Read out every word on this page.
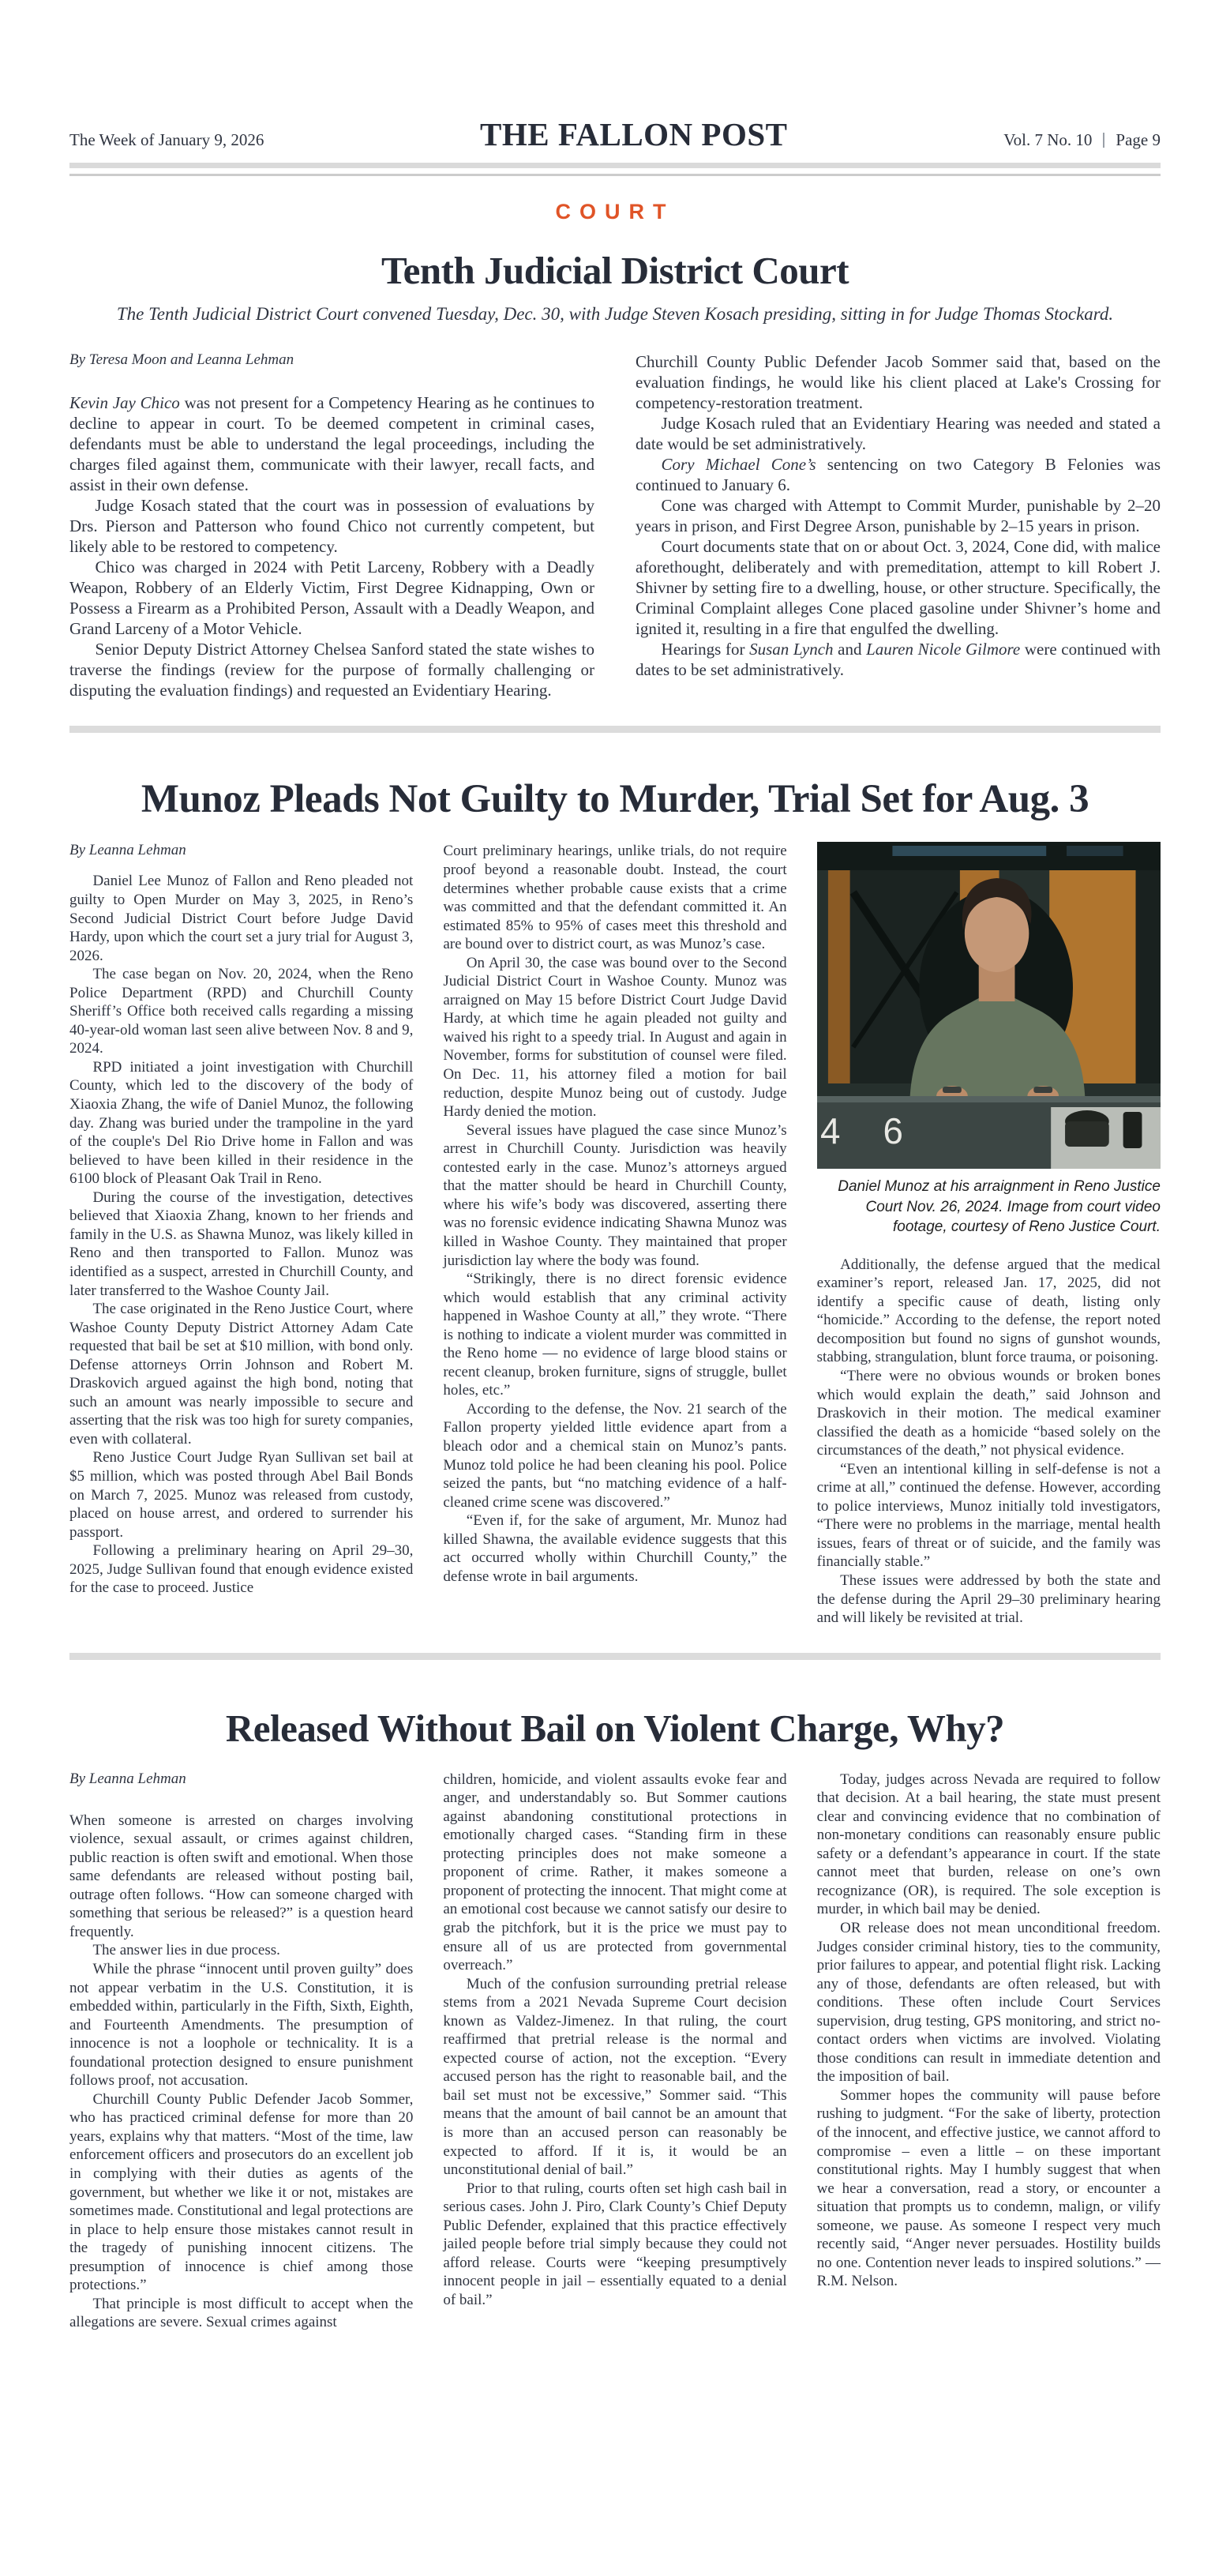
The Week of January 9, 2026	THE FALLON POST	Vol. 7 No. 10 Page 9
COURT
Tenth Judicial District Court

The Tenth Judicial District Court convened Tuesday, Dec. 30, with Judge Steven Kosach presiding, sitting in for Judge Thomas Stockard.

By Teresa Moon and Leanna Lehman

Kevin Jay Chico was not present for a Competency Hearing as he continues to decline to appear in court. To be deemed competent in criminal cases, defendants must be able to understand the legal proceedings, including the charges filed against them, communicate with their lawyer, recall facts, and assist in their own defense.

Judge Kosach stated that the court was in possession of evaluations by Drs. Pierson and Patterson who found Chico not currently competent, but likely able to be restored to competency.

Chico was charged in 2024 with Petit Larceny, Robbery with a Deadly Weapon, Robbery of an Elderly Victim, First Degree Kidnapping, Own or Possess a Firearm as a Prohibited Person, Assault with a Deadly Weapon, and Grand Larceny of a Motor Vehicle.

Senior Deputy District Attorney Chelsea Sanford stated the state wishes to traverse the findings (review for the purpose of formally challenging or disputing the evaluation findings) and requested an Evidentiary Hearing.

Churchill County Public Defender Jacob Sommer said that, based on the evaluation findings, he would like his client placed at Lake's Crossing for competency-restoration treatment.

Judge Kosach ruled that an Evidentiary Hearing was needed and stated a date would be set administratively.

Cory Michael Cone’s sentencing on two Category B Felonies was continued to January 6.

Cone was charged with Attempt to Commit Murder, punishable by 2–20 years in prison, and First Degree Arson, punishable by 2–15 years in prison.

Court documents state that on or about Oct. 3, 2024, Cone did, with malice aforethought, deliberately and with premeditation, attempt to kill Robert J. Shivner by setting fire to a dwelling, house, or other structure. Specifically, the Criminal Complaint alleges Cone placed gasoline under Shivner’s home and ignited it, resulting in a fire that engulfed the dwelling.

Hearings for Susan Lynch and Lauren Nicole Gilmore were continued with dates to be set administratively.

Munoz Pleads Not Guilty to Murder, Trial Set for Aug. 3
By Leanna Lehman

Daniel Lee Munoz of Fallon and Reno pleaded not guilty to Open Murder on May 3, 2025, in Reno’s Second Judicial District Court before Judge David Hardy, upon which the court set a jury trial for August 3, 2026.

The case began on Nov. 20, 2024, when the Reno Police Department (RPD) and Churchill County Sheriff’s Office both received calls regarding a missing 40-year-old woman last seen alive between Nov. 8 and 9, 2024.

RPD initiated a joint investigation with Churchill County, which led to the discovery of the body of Xiaoxia Zhang, the wife of Daniel Munoz, the following day. Zhang was buried under the trampoline in the yard of the couple's Del Rio Drive home in Fallon and was believed to have been killed in their residence in the 6100 block of Pleasant Oak Trail in Reno.

During the course of the investigation, detectives believed that Xiaoxia Zhang, known to her friends and family in the U.S. as Shawna Munoz, was likely killed in Reno and then transported to Fallon. Munoz was identified as a suspect, arrested in Churchill County, and later transferred to the Washoe County Jail.

The case originated in the Reno Justice Court, where Washoe County Deputy District Attorney Adam Cate requested that bail be set at $10 million, with bond only. Defense attorneys Orrin Johnson and Robert M. Draskovich argued against the high bond, noting that such an amount was nearly impossible to secure and asserting that the risk was too high for surety companies, even with collateral.

Reno Justice Court Judge Ryan Sullivan set bail at $5 million, which was posted through Abel Bail Bonds on March 7, 2025. Munoz was released from custody, placed on house arrest, and ordered to surrender his passport.

Following a preliminary hearing on April 29–30, 2025, Judge Sullivan found that enough evidence existed for the case to proceed. Justice

Court preliminary hearings, unlike trials, do not require proof beyond a reasonable doubt. Instead, the court determines whether probable cause exists that a crime was committed and that the defendant committed it. An estimated 85% to 95% of cases meet this threshold and are bound over to district court, as was Munoz’s case.

On April 30, the case was bound over to the Second Judicial District Court in Washoe County. Munoz was arraigned on May 15 before District Court Judge David Hardy, at which time he again pleaded not guilty and waived his right to a speedy trial. In August and again in November, forms for substitution of counsel were filed. On Dec. 11, his attorney filed a motion for bail reduction, despite Munoz being out of custody. Judge Hardy denied the motion.

Several issues have plagued the case since Munoz’s arrest in Churchill County. Jurisdiction was heavily contested early in the case. Munoz’s attorneys argued that the matter should be heard in Churchill County, where his wife’s body was discovered, asserting there was no forensic evidence indicating Shawna Munoz was killed in Washoe County. They maintained that proper jurisdiction lay where the body was found.

“Strikingly, there is no direct forensic evidence which would establish that any criminal activity happened in Washoe County at all,” they wrote. “There is nothing to indicate a violent murder was committed in the Reno home — no evidence of large blood stains or recent cleanup, broken furniture, signs of struggle, bullet holes, etc.”

According to the defense, the Nov. 21 search of the Fallon property yielded little evidence apart from a bleach odor and a chemical stain on Munoz’s pants. Munoz told police he had been cleaning his pool. Police seized the pants, but “no matching evidence of a half-cleaned crime scene was discovered.”

“Even if, for the sake of argument, Mr. Munoz had killed Shawna, the available evidence suggests that this act occurred wholly within Churchill County,” the defense wrote in bail arguments.

4 6
Daniel Munoz at his arraignment in Reno Justice Court Nov. 26, 2024. Image from court video footage, courtesy of Reno Justice Court.

Additionally, the defense argued that the medical examiner’s report, released Jan. 17, 2025, did not identify a specific cause of death, listing only “homicide.” According to the defense, the report noted decomposition but found no signs of gunshot wounds, stabbing, strangulation, blunt force trauma, or poisoning.

“There were no obvious wounds or broken bones which would explain the death,” said Johnson and Draskovich in their motion. The medical examiner classified the death as a homicide “based solely on the circumstances of the death,” not physical evidence.

“Even an intentional killing in self-defense is not a crime at all,” continued the defense. However, according to police interviews, Munoz initially told investigators, “There were no problems in the marriage, mental health issues, fears of threat or of suicide, and the family was financially stable.”

These issues were addressed by both the state and the defense during the April 29–30 preliminary hearing and will likely be revisited at trial.

Released Without Bail on Violent Charge, Why?
By Leanna Lehman

When someone is arrested on charges involving violence, sexual assault, or crimes against children, public reaction is often swift and emotional. When those same defendants are released without posting bail, outrage often follows. “How can someone charged with something that serious be released?” is a question heard frequently.

The answer lies in due process.

While the phrase “innocent until proven guilty” does not appear verbatim in the U.S. Constitution, it is embedded within, particularly in the Fifth, Sixth, Eighth, and Fourteenth Amendments. The presumption of innocence is not a loophole or technicality. It is a foundational protection designed to ensure punishment follows proof, not accusation.

Churchill County Public Defender Jacob Sommer, who has practiced criminal defense for more than 20 years, explains why that matters. “Most of the time, law enforcement officers and prosecutors do an excellent job in complying with their duties as agents of the government, but whether we like it or not, mistakes are sometimes made. Constitutional and legal protections are in place to help ensure those mistakes cannot result in the tragedy of punishing innocent citizens. The presumption of innocence is chief among those protections.”

That principle is most difficult to accept when the allegations are severe. Sexual crimes against

children, homicide, and violent assaults evoke fear and anger, and understandably so. But Sommer cautions against abandoning constitutional protections in emotionally charged cases. “Standing firm in these protecting principles does not make someone a proponent of crime. Rather, it makes someone a proponent of protecting the innocent. That might come at an emotional cost because we cannot satisfy our desire to grab the pitchfork, but it is the price we must pay to ensure all of us are protected from governmental overreach.”

Much of the confusion surrounding pretrial release stems from a 2021 Nevada Supreme Court decision known as Valdez-Jimenez. In that ruling, the court reaffirmed that pretrial release is the normal and expected course of action, not the exception. “Every accused person has the right to reasonable bail, and the bail set must not be excessive,” Sommer said. “This means that the amount of bail cannot be an amount that is more than an accused person can reasonably be expected to afford. If it is, it would be an unconstitutional denial of bail.”

Prior to that ruling, courts often set high cash bail in serious cases. John J. Piro, Clark County’s Chief Deputy Public Defender, explained that this practice effectively jailed people before trial simply because they could not afford release. Courts were “keeping presumptively innocent people in jail – essentially equated to a denial of bail.”

Today, judges across Nevada are required to follow that decision. At a bail hearing, the state must present clear and convincing evidence that no combination of non-monetary conditions can reasonably ensure public safety or a defendant’s appearance in court. If the state cannot meet that burden, release on one’s own recognizance (OR), is required. The sole exception is murder, in which bail may be denied.

OR release does not mean unconditional freedom. Judges consider criminal history, ties to the community, prior failures to appear, and potential flight risk. Lacking any of those, defendants are often released, but with conditions. These often include Court Services supervision, drug testing, GPS monitoring, and strict no-contact orders when victims are involved. Violating those conditions can result in immediate detention and the imposition of bail.

Sommer hopes the community will pause before rushing to judgment. “For the sake of liberty, protection of the innocent, and effective justice, we cannot afford to compromise – even a little – on these important constitutional rights. May I humbly suggest that when we hear a conversation, read a story, or encounter a situation that prompts us to condemn, malign, or vilify someone, we pause. As someone I respect very much recently said, “Anger never persuades. Hostility builds no one. Contention never leads to inspired solutions.” — R.M. Nelson.
